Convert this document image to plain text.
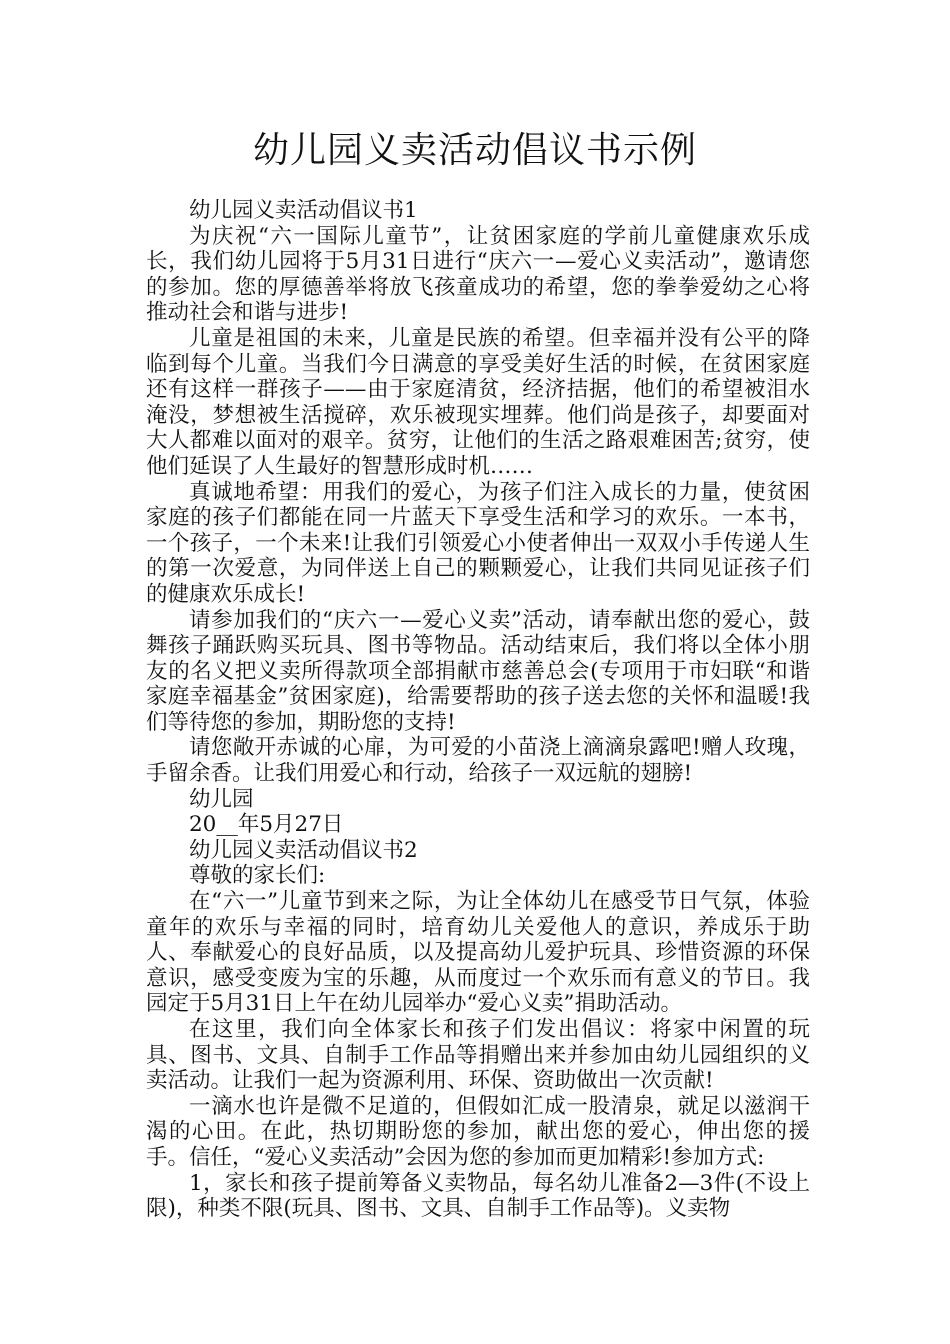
幼儿园义卖活动倡议书示例

幼儿园义卖活动倡议书1

为庆祝“六一国际儿童节”，让贫困家庭的学前儿童健康欢乐成长，我们幼儿园将于5月31日进行“庆六一—爱心义卖活动”，邀请您的参加。您的厚德善举将放飞孩童成功的希望，您的拳拳爱幼之心将推动社会和谐与进步!

儿童是祖国的未来，儿童是民族的希望。但幸福并没有公平的降临到每个儿童。当我们今日满意的享受美好生活的时候，在贫困家庭还有这样一群孩子——由于家庭清贫，经济拮据，他们的希望被泪水淹没，梦想被生活搅碎，欢乐被现实埋葬。他们尚是孩子，却要面对大人都难以面对的艰辛。贫穷，让他们的生活之路艰难困苦;贫穷，使他们延误了人生最好的智慧形成时机……

真诚地希望：用我们的爱心，为孩子们注入成长的力量，使贫困家庭的孩子们都能在同一片蓝天下享受生活和学习的欢乐。一本书，一个孩子，一个未来!让我们引领爱心小使者伸出一双双小手传递人生的第一次爱意，为同伴送上自己的颗颗爱心，让我们共同见证孩子们的健康欢乐成长!

请参加我们的“庆六一—爱心义卖”活动，请奉献出您的爱心，鼓舞孩子踊跃购买玩具、图书等物品。活动结束后，我们将以全体小朋友的名义把义卖所得款项全部捐献市慈善总会(专项用于市妇联“和谐家庭幸福基金”贫困家庭)，给需要帮助的孩子送去您的关怀和温暖!我们等待您的参加，期盼您的支持!

请您敞开赤诚的心扉，为可爱的小苗浇上滴滴泉露吧!赠人玫瑰，手留余香。让我们用爱心和行动，给孩子一双远航的翅膀!

幼儿园

20__年5月27日

幼儿园义卖活动倡议书2

尊敬的家长们:

在“六一”儿童节到来之际，为让全体幼儿在感受节日气氛，体验童年的欢乐与幸福的同时，培育幼儿关爱他人的意识，养成乐于助人、奉献爱心的良好品质，以及提高幼儿爱护玩具、珍惜资源的环保意识，感受变废为宝的乐趣，从而度过一个欢乐而有意义的节日。我园定于5月31日上午在幼儿园举办“爱心义卖”捐助活动。

在这里，我们向全体家长和孩子们发出倡议：将家中闲置的玩具、图书、文具、自制手工作品等捐赠出来并参加由幼儿园组织的义卖活动。让我们一起为资源利用、环保、资助做出一次贡献!

一滴水也许是微不足道的，但假如汇成一股清泉，就足以滋润干渴的心田。在此，热切期盼您的参加，献出您的爱心，伸出您的援手。信任，“爱心义卖活动”会因为您的参加而更加精彩!参加方式:

1，家长和孩子提前筹备义卖物品，每名幼儿准备2—3件(不设上限)，种类不限(玩具、图书、文具、自制手工作品等)。义卖物
